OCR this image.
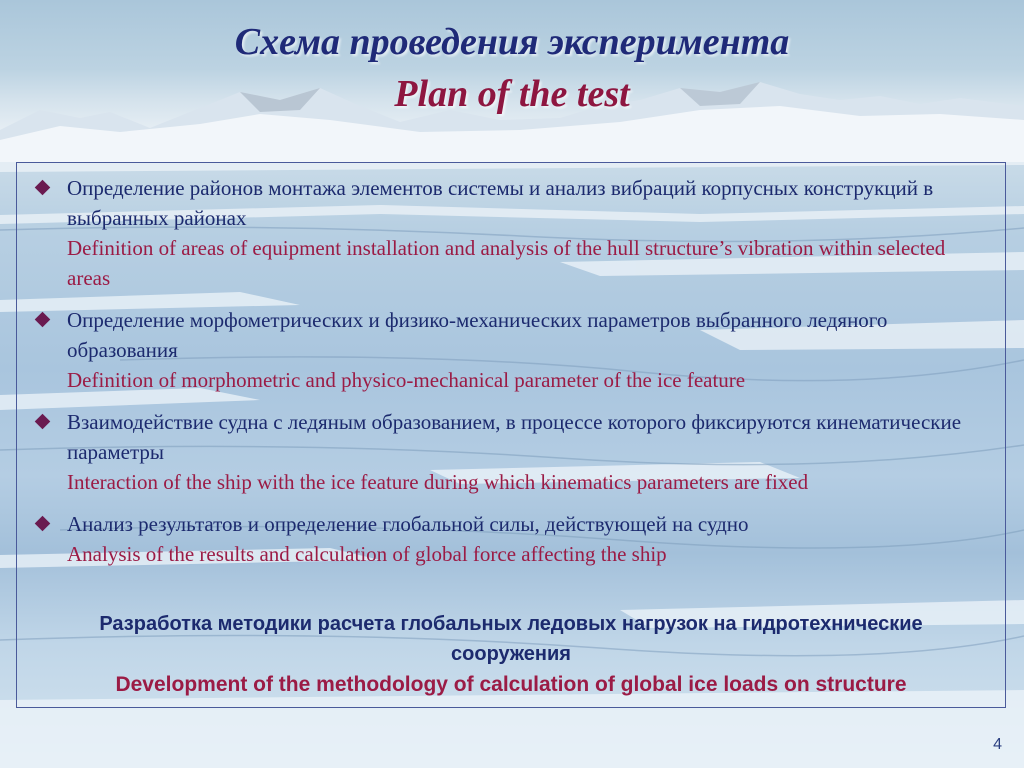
Схема проведения эксперимента
Plan of the test
Определение районов монтажа элементов системы и анализ вибраций корпусных конструкций в выбранных районах
Definition of areas of equipment installation and analysis of the hull structure’s vibration within selected areas
Определение морфометрических и физико-механических параметров выбранного ледяного образования
Definition of morphometric and physico-mechanical parameter of the ice feature
Взаимодействие судна с ледяным образованием, в процессе которого фиксируются кинематические параметры
Interaction of the ship with the ice feature during which kinematics parameters are fixed
Анализ результатов и определение глобальной силы, действующей на судно
Analysis of the results and calculation of global force affecting the ship
Разработка методики расчета глобальных ледовых нагрузок на гидротехнические сооружения
Development of the methodology of calculation of global ice loads on structure
4
